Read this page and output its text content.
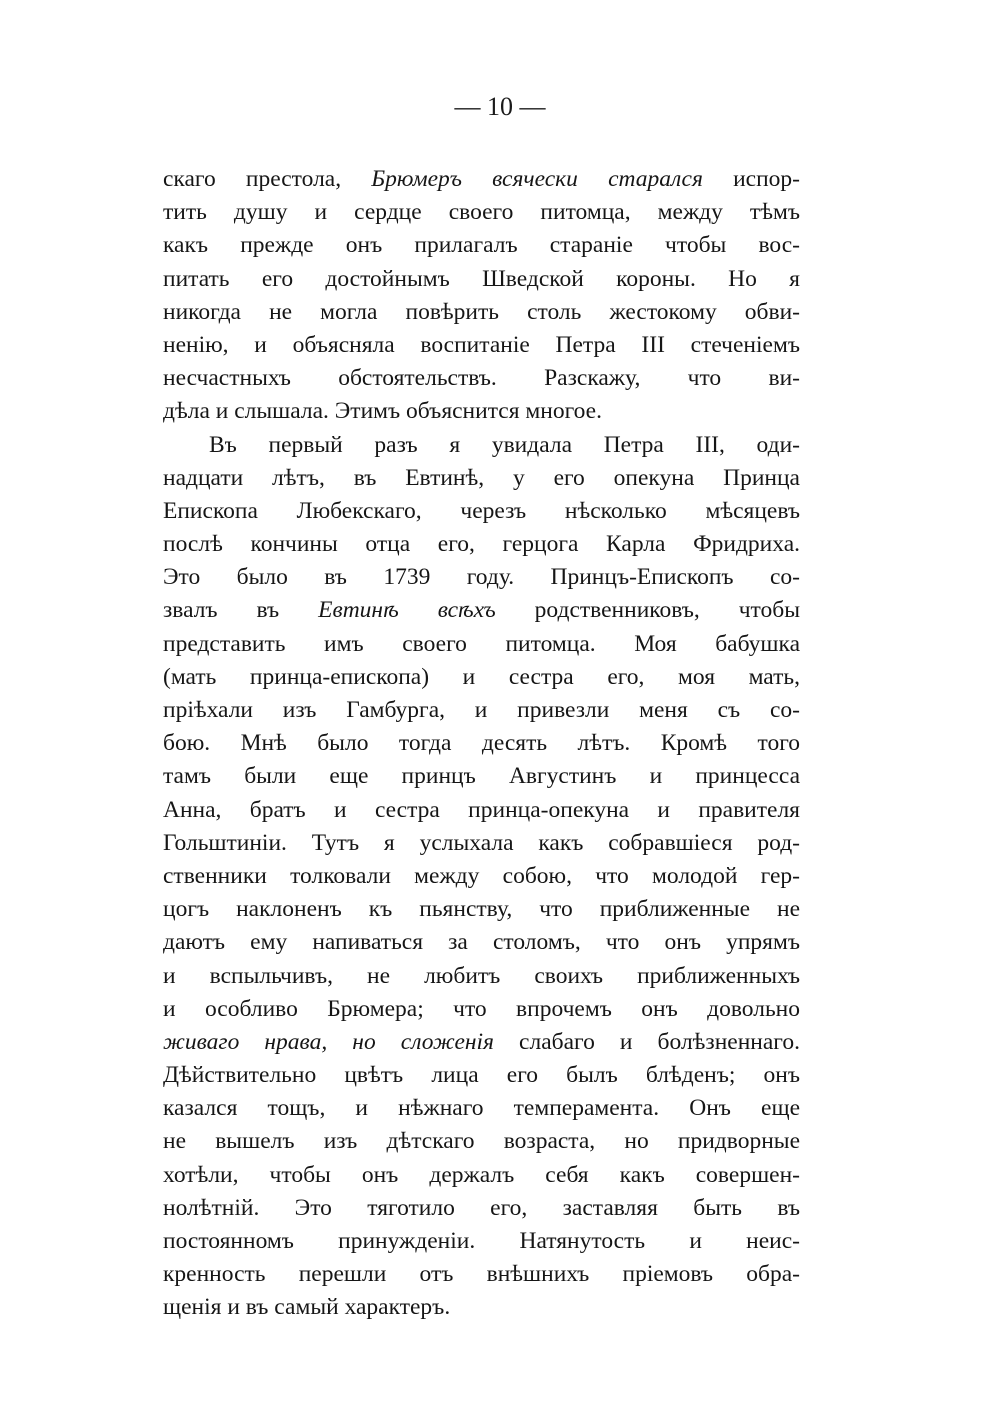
— 10 —
скаго престола, Брюмеръ всячески старался испор-
тить душу и сердце своего питомца, между тѣмъ
какъ прежде онъ прилагалъ стараніе чтобы вос-
питать его достойнымъ Шведской короны. Но я
никогда не могла повѣрить столь жестокому обви-
ненію, и объясняла воспитаніе Петра III стеченіемъ
несчастныхъ обстоятельствъ. Разскажу, что ви-
дѣла и слышала. Этимъ объяснится многое.
Въ первый разъ я увидала Петра III, оди-
надцати лѣтъ, въ Евтинѣ, у его опекуна Принца
Епископа Любекскаго, черезъ нѣсколько мѣсяцевъ
послѣ кончины отца его, герцога Карла Фридриха.
Это было въ 1739 году. Принцъ-Епископъ со-
звалъ въ Евтинѣ всѣхъ родственниковъ, чтобы
представить имъ своего питомца. Моя бабушка
(мать принца-епископа) и сестра его, моя мать,
пріѣхали изъ Гамбурга, и привезли меня съ со-
бою. Мнѣ было тогда десять лѣтъ. Кромѣ того
тамъ были еще принцъ Августинъ и принцесса
Анна, братъ и сестра принца-опекуна и правителя
Гольштиніи. Тутъ я услыхала какъ собравшіеся род-
ственники толковали между собою, что молодой гер-
цогъ наклоненъ къ пьянству, что приближенные не
даютъ ему напиваться за столомъ, что онъ упрямъ
и вспыльчивъ, не любитъ своихъ приближенныхъ
и особливо Брюмера; что впрочемъ онъ довольно
живаго нрава, но сложенія слабаго и болѣзненнаго.
Дѣйствительно цвѣтъ лица его былъ блѣденъ; онъ
казался тощъ, и нѣжнаго темперамента. Онъ еще
не вышелъ изъ дѣтскаго возраста, но придворные
хотѣли, чтобы онъ держалъ себя какъ совершен-
нолѣтній. Это тяготило его, заставляя быть въ
постоянномъ принужденіи. Натянутость и неис-
кренность перешли отъ внѣшнихъ пріемовъ обра-
щенія и въ самый характеръ.
